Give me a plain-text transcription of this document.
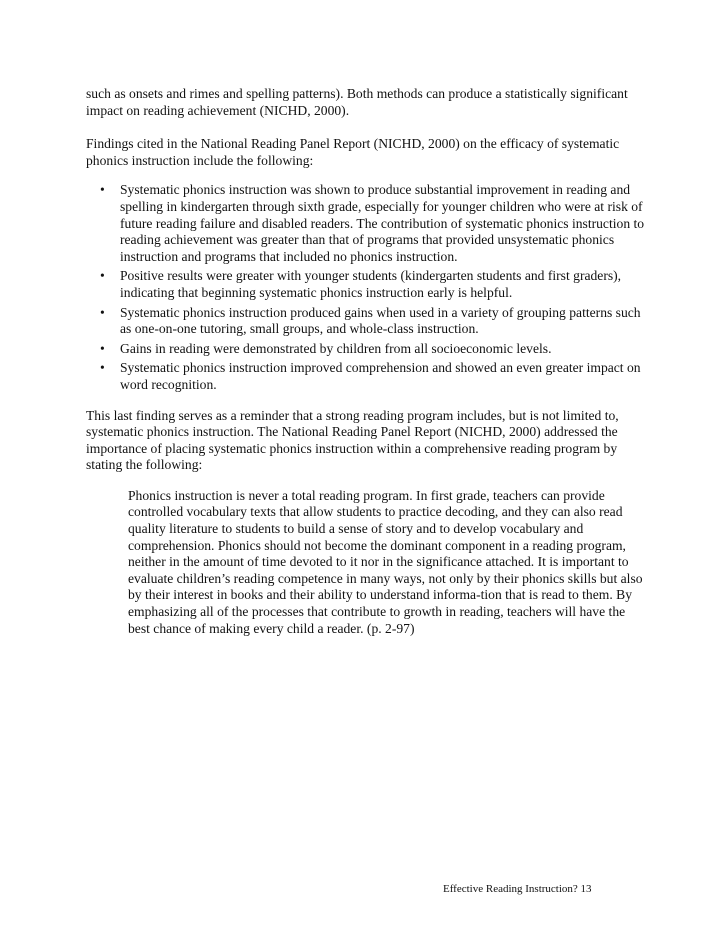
such as onsets and rimes and spelling patterns). Both methods can produce a statistically significant impact on reading achievement (NICHD, 2000).

Findings cited in the National Reading Panel Report (NICHD, 2000) on the efficacy of systematic phonics instruction include the following:

• Systematic phonics instruction was shown to produce substantial improvement in reading and spelling in kindergarten through sixth grade, especially for younger children who were at risk of future reading failure and disabled readers. The contribution of systematic phonics instruction to reading achievement was greater than that of programs that provided unsystematic phonics instruction and programs that included no phonics instruction.
• Positive results were greater with younger students (kindergarten students and first graders), indicating that beginning systematic phonics instruction early is helpful.
• Systematic phonics instruction produced gains when used in a variety of grouping patterns such as one-on-one tutoring, small groups, and whole-class instruction.
• Gains in reading were demonstrated by children from all socioeconomic levels.
• Systematic phonics instruction improved comprehension and showed an even greater impact on word recognition.

This last finding serves as a reminder that a strong reading program includes, but is not limited to, systematic phonics instruction. The National Reading Panel Report (NICHD, 2000) addressed the importance of placing systematic phonics instruction within a comprehensive reading program by stating the following:

Phonics instruction is never a total reading program. In first grade, teachers can provide controlled vocabulary texts that allow students to practice decoding, and they can also read quality literature to students to build a sense of story and to develop vocabulary and comprehension. Phonics should not become the dominant component in a reading program, neither in the amount of time devoted to it nor in the significance attached. It is important to evaluate children’s reading competence in many ways, not only by their phonics skills but also by their interest in books and their ability to understand informa-tion that is read to them. By emphasizing all of the processes that contribute to growth in reading, teachers will have the best chance of making every child a reader. (p. 2-97)

Effective Reading Instruction? 13
